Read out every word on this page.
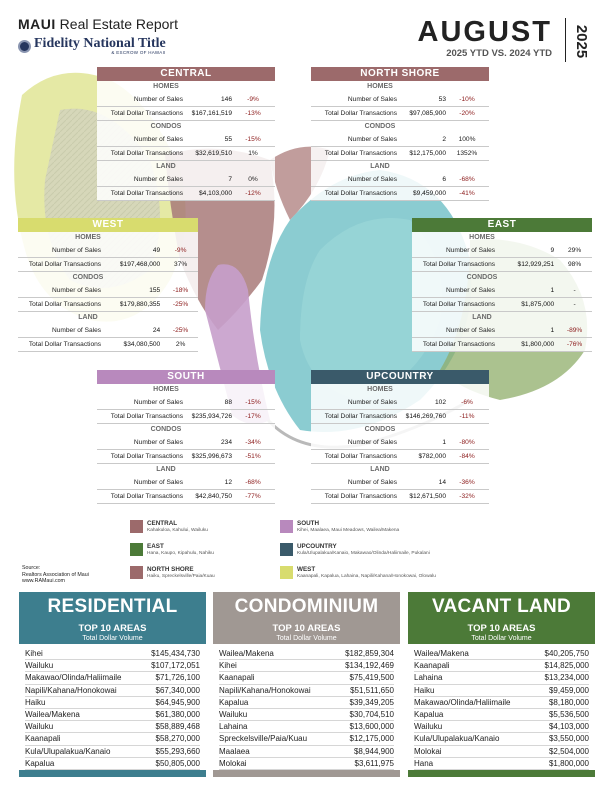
MAUI Real Estate Report
Fidelity National Title
& ESCROW OF HAWAII
AUGUST
2025 YTD VS. 2024 YTD 2025
CENTRAL
HOMES
Number of Sales	146	-9%
Total Dollar Transactions	$167,161,519	-13%
CONDOS
Number of Sales	55	-15%
Total Dollar Transactions	$32,619,510	1%
LAND
Number of Sales	7	0%
Total Dollar Transactions	$4,103,000	-12%
NORTH SHORE
HOMES
Number of Sales	53	-10%
Total Dollar Transactions	$97,085,900	-20%
CONDOS
Number of Sales	2	100%
Total Dollar Transactions	$12,175,000	1352%
LAND
Number of Sales	6	-68%
Total Dollar Transactions	$9,459,000	-41%
WEST
HOMES
Number of Sales	49	-9%
Total Dollar Transactions	$197,468,000	37%
CONDOS
Number of Sales	155	-18%
Total Dollar Transactions	$179,880,355	-25%
LAND
Number of Sales	24	-25%
Total Dollar Transactions	$34,080,500	2%
EAST
HOMES
Number of Sales	9	29%
Total Dollar Transactions	$12,929,251	98%
CONDOS
Number of Sales	1	-
Total Dollar Transactions	$1,875,000	-
LAND
Number of Sales	1	-89%
Total Dollar Transactions	$1,800,000	-76%
SOUTH
HOMES
Number of Sales	88	-15%
Total Dollar Transactions	$235,934,726	-17%
CONDOS
Number of Sales	234	-34%
Total Dollar Transactions	$325,996,673	-51%
LAND
Number of Sales	12	-68%
Total Dollar Transactions	$42,840,750	-77%
UPCOUNTRY
HOMES
Number of Sales	102	-6%
Total Dollar Transactions	$146,269,760	-11%
CONDOS
Number of Sales	1	-80%
Total Dollar Transactions	$782,000	-84%
LAND
Number of Sales	14	-36%
Total Dollar Transactions	$12,671,500	-32%
Source:
Realtors Association of Maui
www.RAMaui.com
CENTRAL
Kahakuloa, Kahului, Wailuku
EAST
Hana, Kaupo, Kipahulu, Nahiku
NORTH SHORE
Haiku, Spreckelsville/Paia/Kuau
SOUTH
Kihei, Maalaea, Maui Meadows, Wailea/Makena
UPCOUNTRY
Kula/Ulupalakua/Kanaio, Makawao/Olinda/Haliimaile, Pukalani
WEST
Kaanapali, Kapalua, Lahaina, Napili/Kahana/Honokowai, Olowalu
RESIDENTIAL
TOP 10 AREAS
Total Dollar Volume
Kihei	$145,434,730
Wailuku	$107,172,051
Makawao/Olinda/Haliimaile	$71,726,100
Napili/Kahana/Honokowai	$67,340,000
Haiku	$64,945,900
Wailea/Makena	$61,380,000
Wailuku	$58,889,468
Kaanapali	$58,270,000
Kula/Ulupalakua/Kanaio	$55,293,660
Kapalua	$50,805,000
CONDOMINIUM
TOP 10 AREAS
Total Dollar Volume
Wailea/Makena	$182,859,304
Kihei	$134,192,469
Kaanapali	$75,419,500
Napili/Kahana/Honokowai	$51,511,650
Kapalua	$39,349,205
Wailuku	$30,704,510
Lahaina	$13,600,000
Spreckelsville/Paia/Kuau	$12,175,000
Maalaea	$8,944,900
Molokai	$3,611,975
VACANT LAND
TOP 10 AREAS
Total Dollar Volume
Wailea/Makena	$40,205,750
Kaanapali	$14,825,000
Lahaina	$13,234,000
Haiku	$9,459,000
Makawao/Olinda/Haliimaile	$8,180,000
Kapalua	$5,536,500
Wailuku	$4,103,000
Kula/Ulupalakua/Kanaio	$3,550,000
Molokai	$2,504,000
Hana	$1,800,000
